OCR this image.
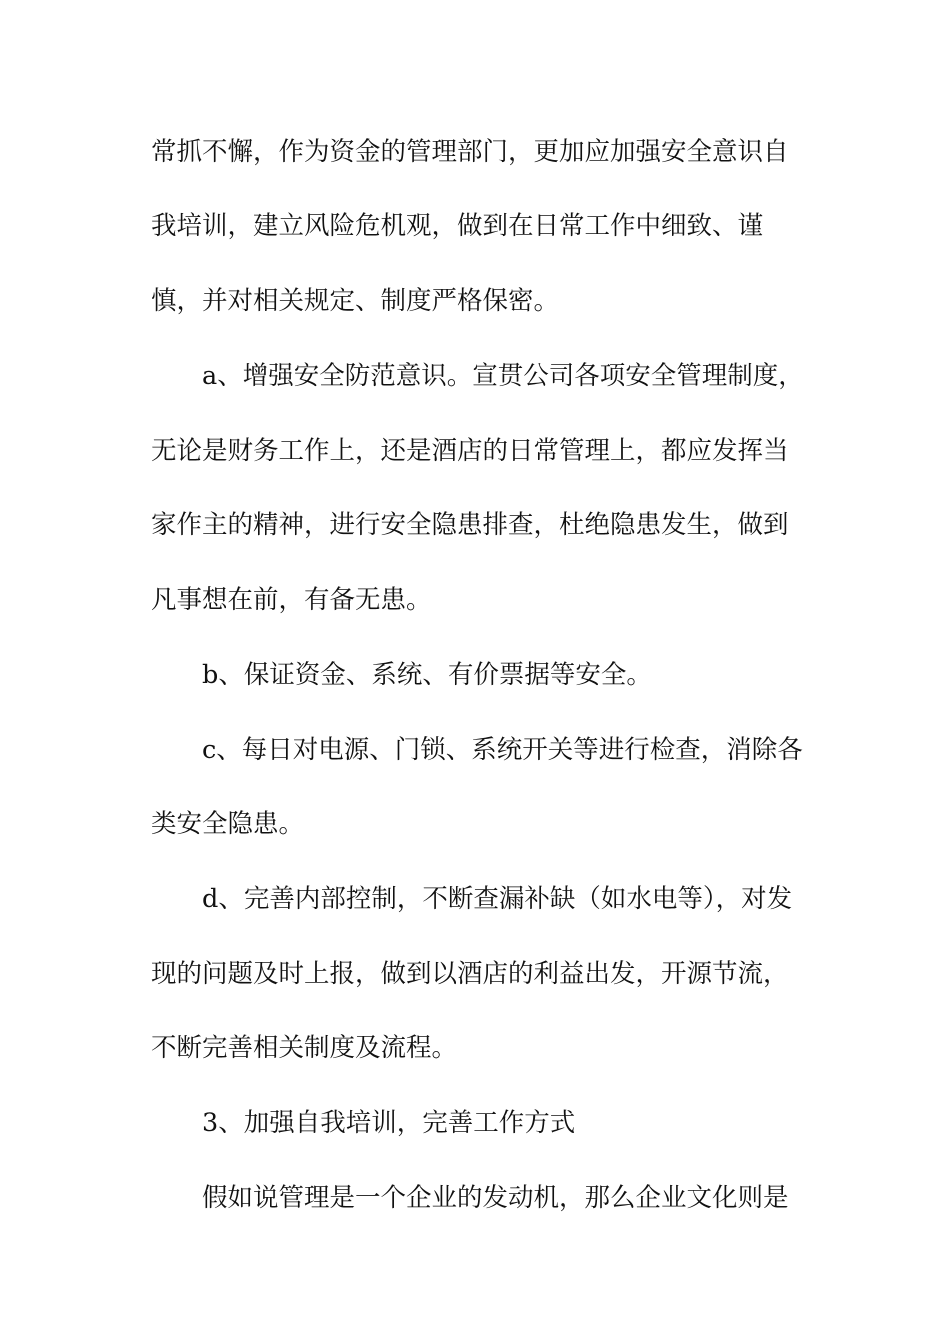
常抓不懈，作为资金的管理部门，更加应加强安全意识自

我培训，建立风险危机观，做到在日常工作中细致、谨

慎，并对相关规定、制度严格保密。

a、增强安全防范意识。宣贯公司各项安全管理制度，

无论是财务工作上，还是酒店的日常管理上，都应发挥当

家作主的精神，进行安全隐患排查，杜绝隐患发生，做到

凡事想在前，有备无患。

b、保证资金、系统、有价票据等安全。

c、每日对电源、门锁、系统开关等进行检查，消除各

类安全隐患。

d、完善内部控制，不断查漏补缺（如水电等），对发

现的问题及时上报，做到以酒店的利益出发，开源节流，

不断完善相关制度及流程。

3、加强自我培训，完善工作方式

假如说管理是一个企业的发动机，那么企业文化则是
